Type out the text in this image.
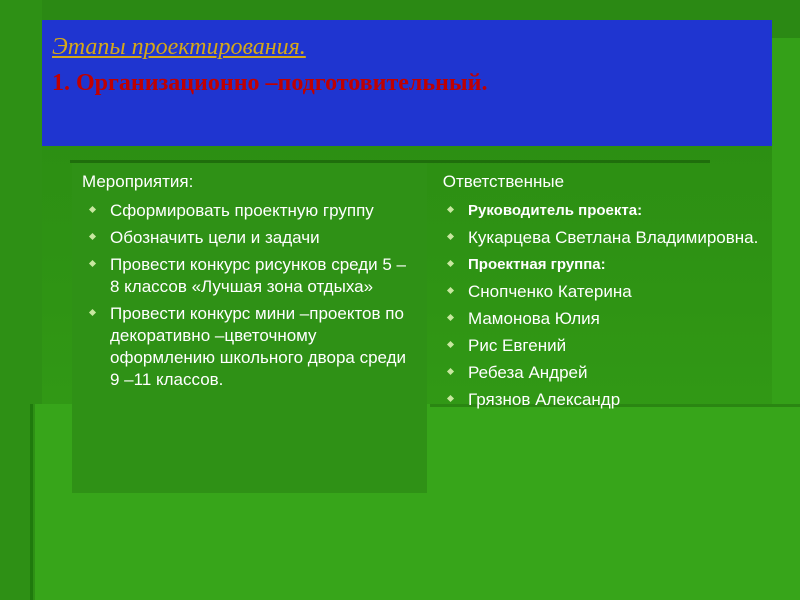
Этапы проектирования.
1. Организационно –подготовительный.
Мероприятия:
Сформировать проектную группу
Обозначить цели и задачи
Провести конкурс рисунков среди 5 –8 классов «Лучшая зона отдыха»
Провести конкурс мини –проектов по декоративно –цветочному оформлению школьного двора среди 9 –11 классов.
Ответственные
Руководитель проекта:
Кукарцева Светлана Владимировна.
Проектная группа:
Снопченко Катерина
Мамонова Юлия
Рис Евгений
Ребеза Андрей
Грязнов Александр
